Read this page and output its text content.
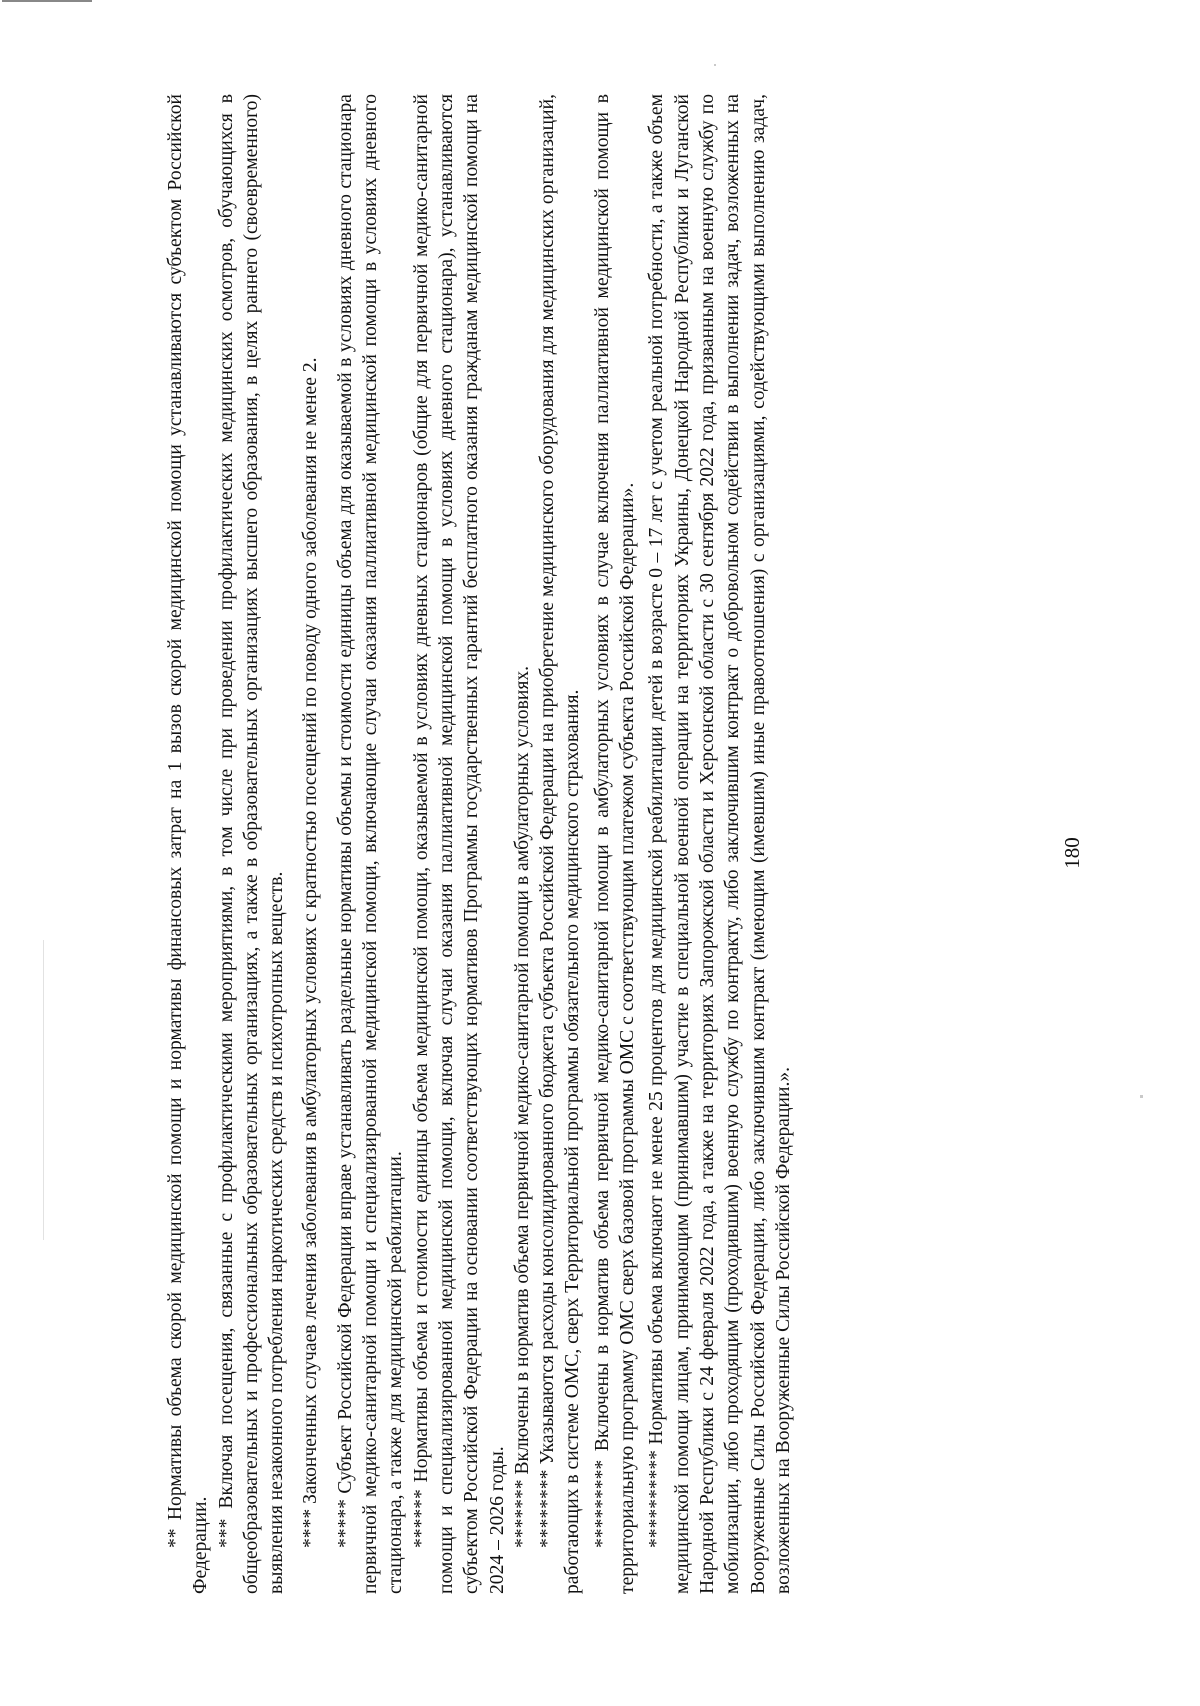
180

** Нормативы объема скорой медицинской помощи и нормативы финансовых затрат на 1 вызов скорой медицинской помощи устанавливаются субъектом Российской Федерации. *** Включая посещения, связанные с профилактическими мероприятиями, в том числе при проведении профилактических медицинских осмотров, обучающихся в общеобразовательных и профессиональных образовательных организациях, а также в образовательных организациях высшего образования, в целях раннего (своевременного) выявления незаконного потребления наркотических средств и психотропных веществ. **** Законченных случаев лечения заболевания в амбулаторных условиях с кратностью посещений по поводу одного заболевания не менее 2. ***** Субъект Российской Федерации вправе устанавливать раздельные нормативы объемы и стоимости единицы объема для оказываемой в условиях дневного стационара первичной медико-санитарной помощи и специализированной медицинской помощи, включающие случаи оказания паллиативной медицинской помощи в условиях дневного стационара, а также для медицинской реабилитации. ****** Нормативы объема и стоимости единицы объема медицинской помощи, оказываемой в условиях дневных стационаров (общие для первичной медико-санитарной помощи и специализированной медицинской помощи, включая случаи оказания паллиативной медицинской помощи в условиях дневного стационара), устанавливаются субъектом Российской Федерации на основании соответствующих нормативов Программы государственных гарантий бесплатного оказания гражданам медицинской помощи на 2024 – 2026 годы. ******* Включены в норматив объема первичной медико-санитарной помощи в амбулаторных условиях. ******** Указываются расходы консолидированного бюджета субъекта Российской Федерации на приобретение медицинского оборудования для медицинских организаций, работающих в системе ОМС, сверх Территориальной программы обязательного медицинского страхования. ********* Включены в норматив объема первичной медико-санитарной помощи в амбулаторных условиях в случае включения паллиативной медицинской помощи в территориальную программу ОМС сверх базовой программы ОМС с соответствующим платежом субъекта Российской Федерации». ********** Нормативы объема включают не менее 25 процентов для медицинской реабилитации детей в возрасте 0 – 17 лет с учетом реальной потребности, а также объем медицинской помощи лицам, принимающим (принимавшим) участие в специальной военной операции на территориях Украины, Донецкой Народной Республики и Луганской Народной Республики с 24 февраля 2022 года, а также на территориях Запорожской области и Херсонской области с 30 сентября 2022 года, призванным на военную службу по мобилизации, либо проходящим (проходившим) военную службу по контракту, либо заключившим контракт о добровольном содействии в выполнении задач, возложенных на Вооруженные Силы Российской Федерации, либо заключившим контракт (имеющим (имевшим) иные правоотношения) с организациями, содействующими выполнению задач, возложенных на Вооруженные Силы Российской Федерации.».
